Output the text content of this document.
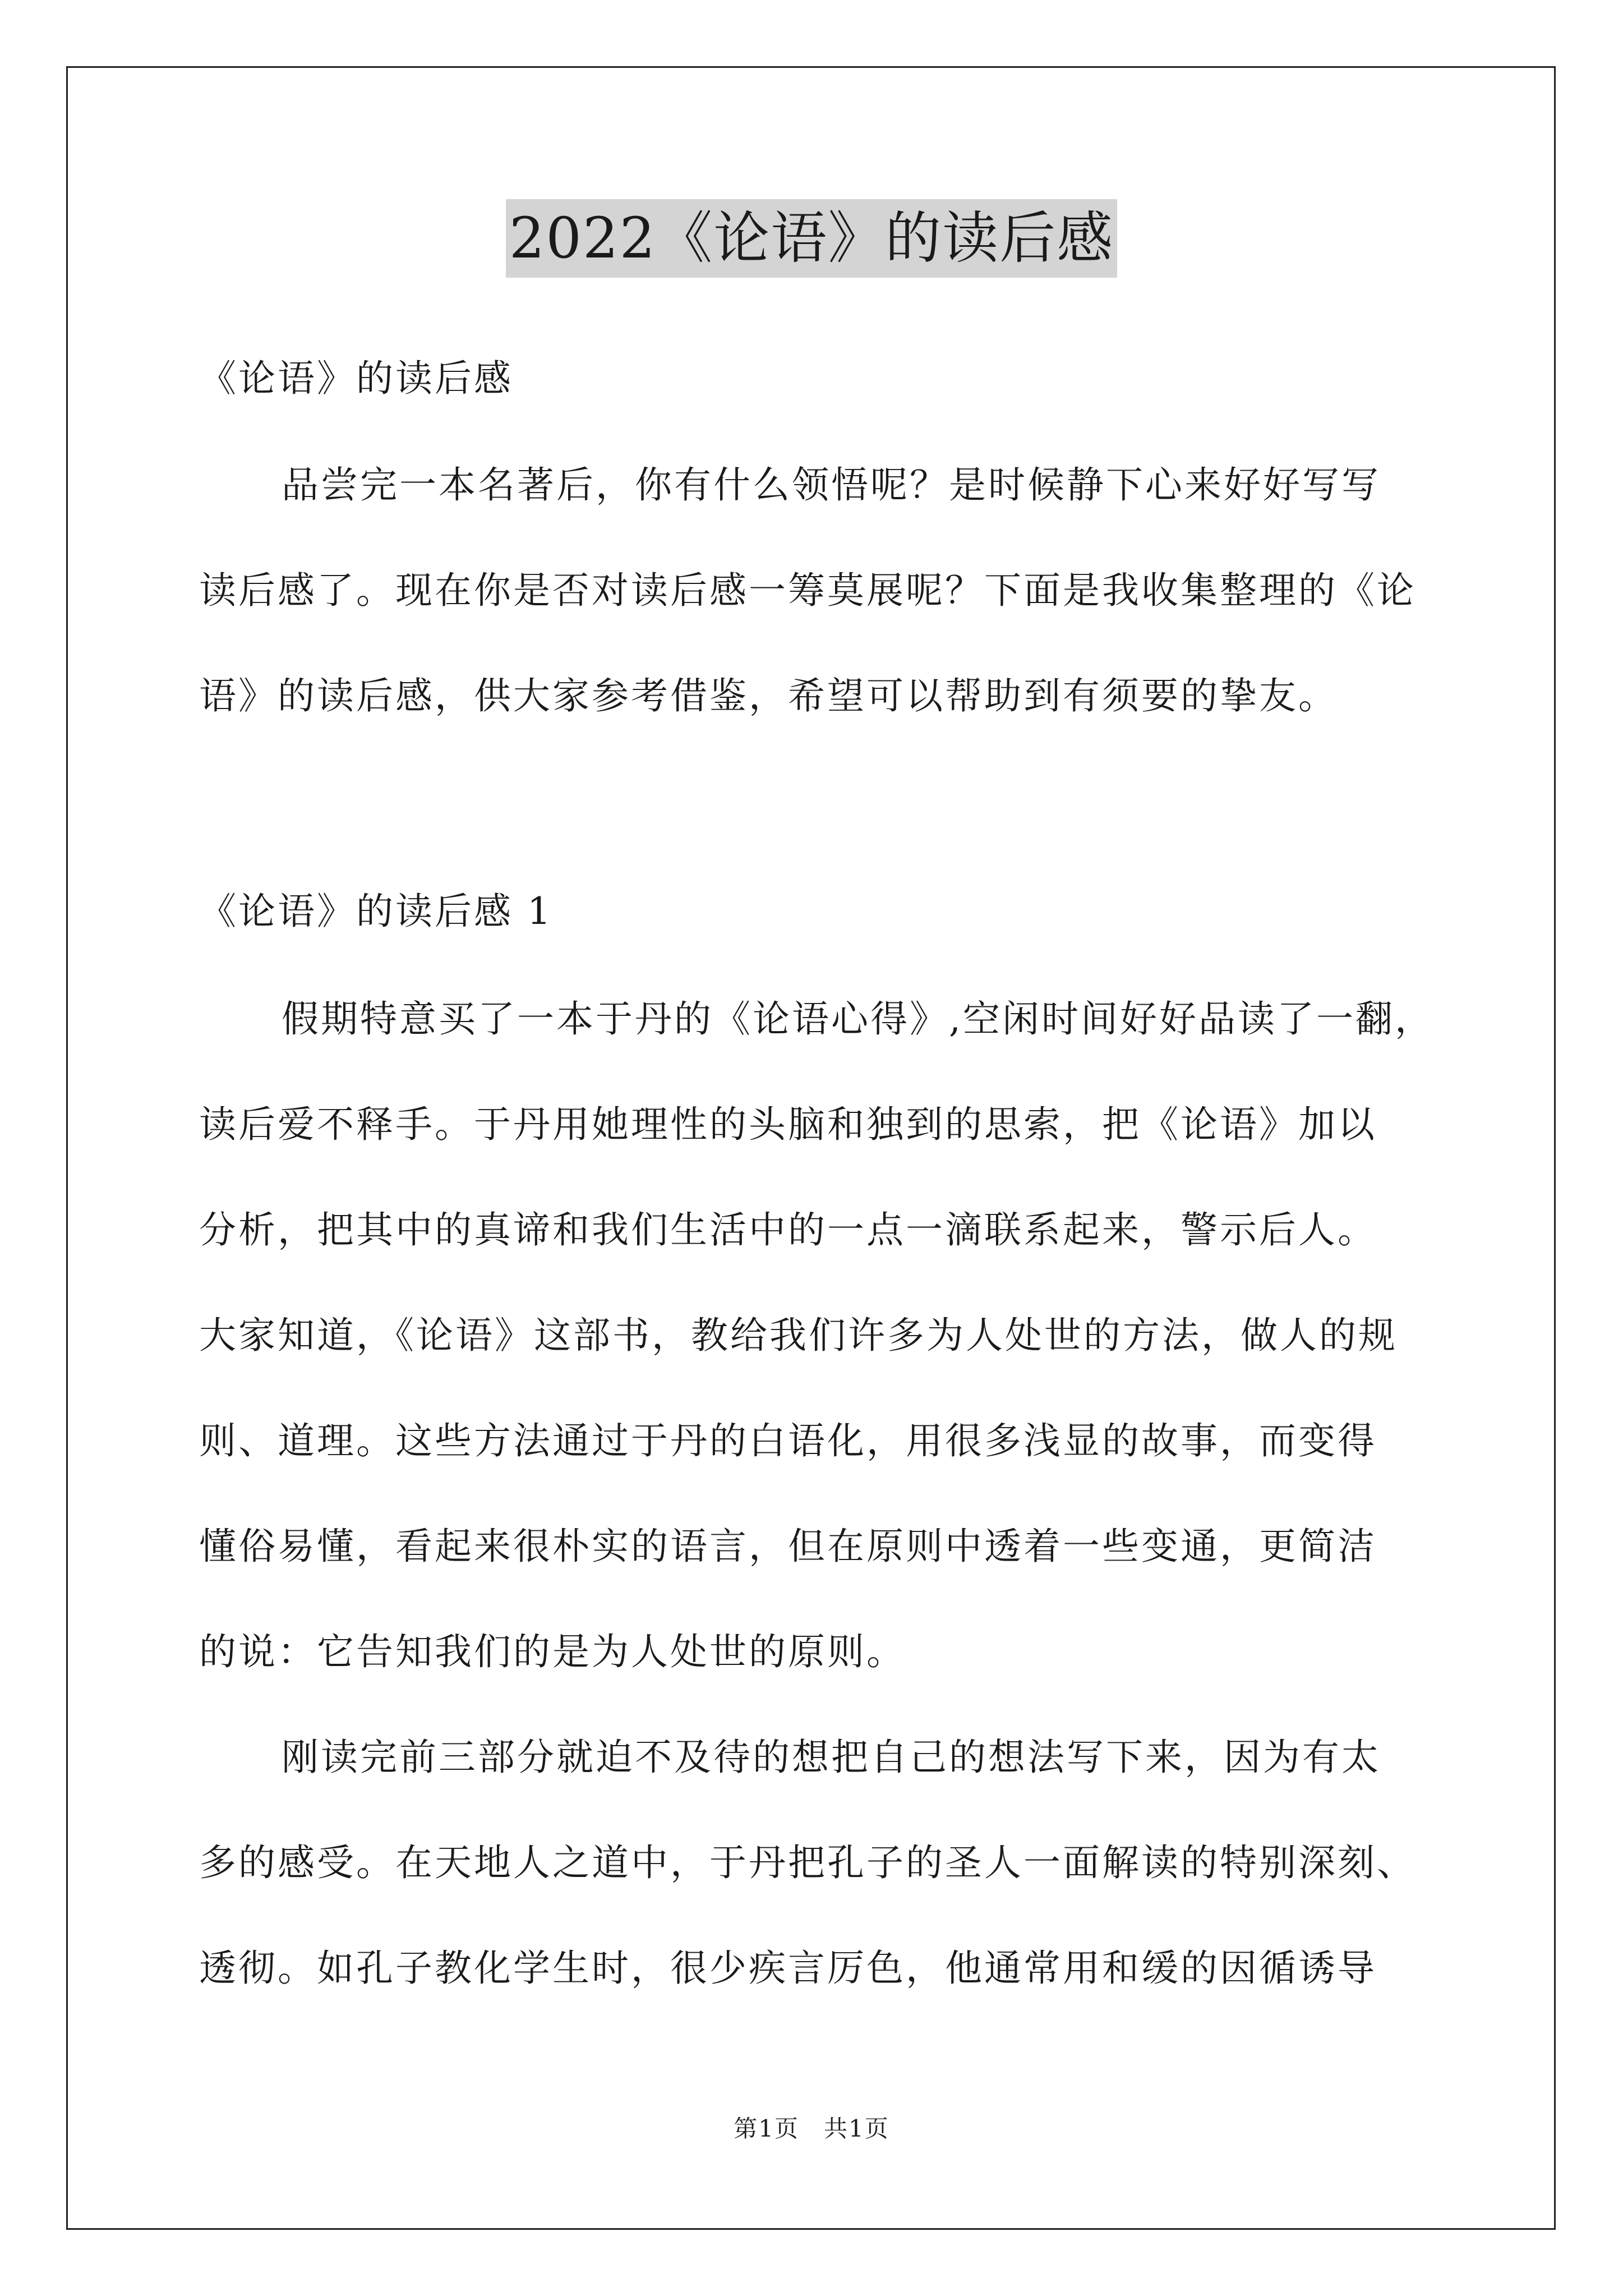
2022《论语》的读后感
《论语》的读后感
品尝完一本名著后，你有什么领悟呢？是时候静下心来好好写写
读后感了。现在你是否对读后感一筹莫展呢？下面是我收集整理的《论
语》的读后感，供大家参考借鉴，希望可以帮助到有须要的挚友。
《论语》的读后感 1
假期特意买了一本于丹的《论语心得》,空闲时间好好品读了一翻，
读后爱不释手。于丹用她理性的头脑和独到的思索，把《论语》加以
分析，把其中的真谛和我们生活中的一点一滴联系起来，警示后人。
大家知道，《论语》这部书，教给我们许多为人处世的方法，做人的规
则、道理。这些方法通过于丹的白语化，用很多浅显的故事，而变得
懂俗易懂，看起来很朴实的语言，但在原则中透着一些变通，更简洁
的说：它告知我们的是为人处世的原则。
刚读完前三部分就迫不及待的想把自己的想法写下来，因为有太
多的感受。在天地人之道中，于丹把孔子的圣人一面解读的特别深刻、
透彻。如孔子教化学生时，很少疾言厉色，他通常用和缓的因循诱导
第1页　共1页
